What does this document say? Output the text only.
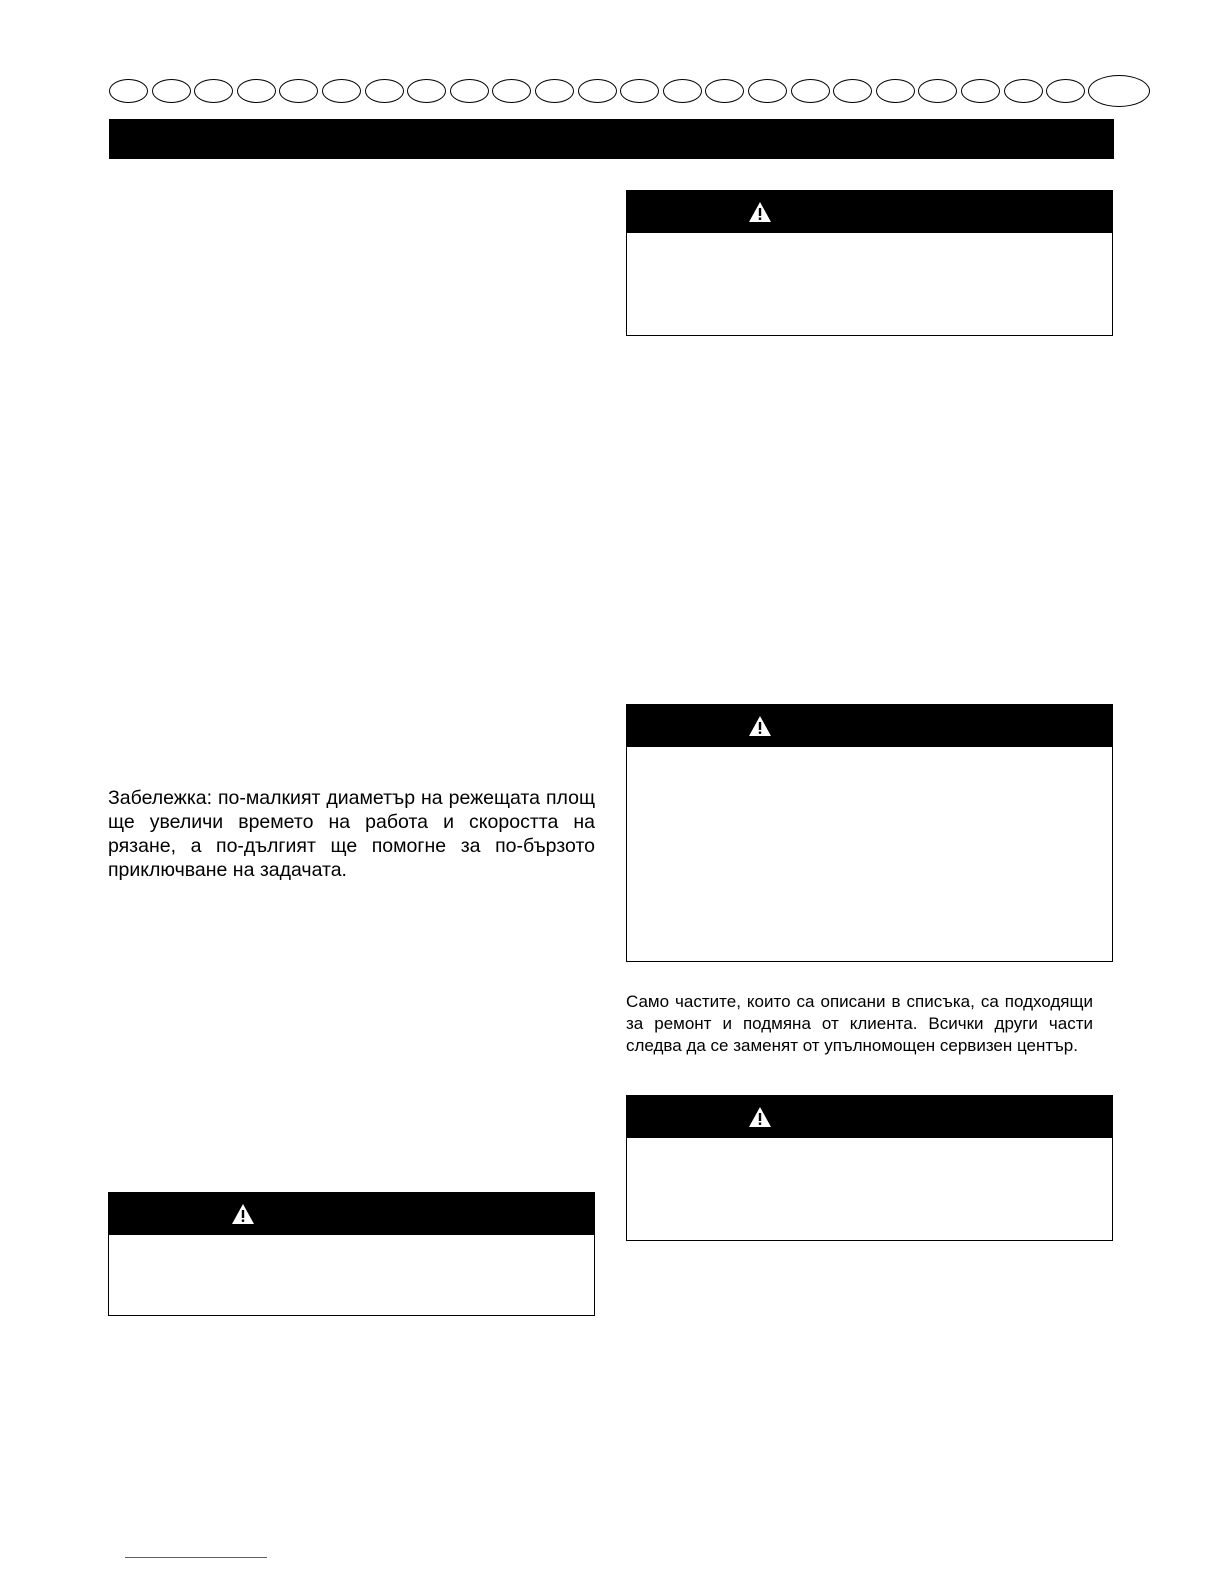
Забележка: по-малкият диаметър на режещата площ ще увеличи времето на работа и скоростта на рязане, а по-дългият ще помогне за по-бързото приключване на задачата.

Само частите, които са описани в списъка, са подходящи за ремонт и подмяна от клиента. Всички други части следва да се заменят от упълномощен сервизен център.
